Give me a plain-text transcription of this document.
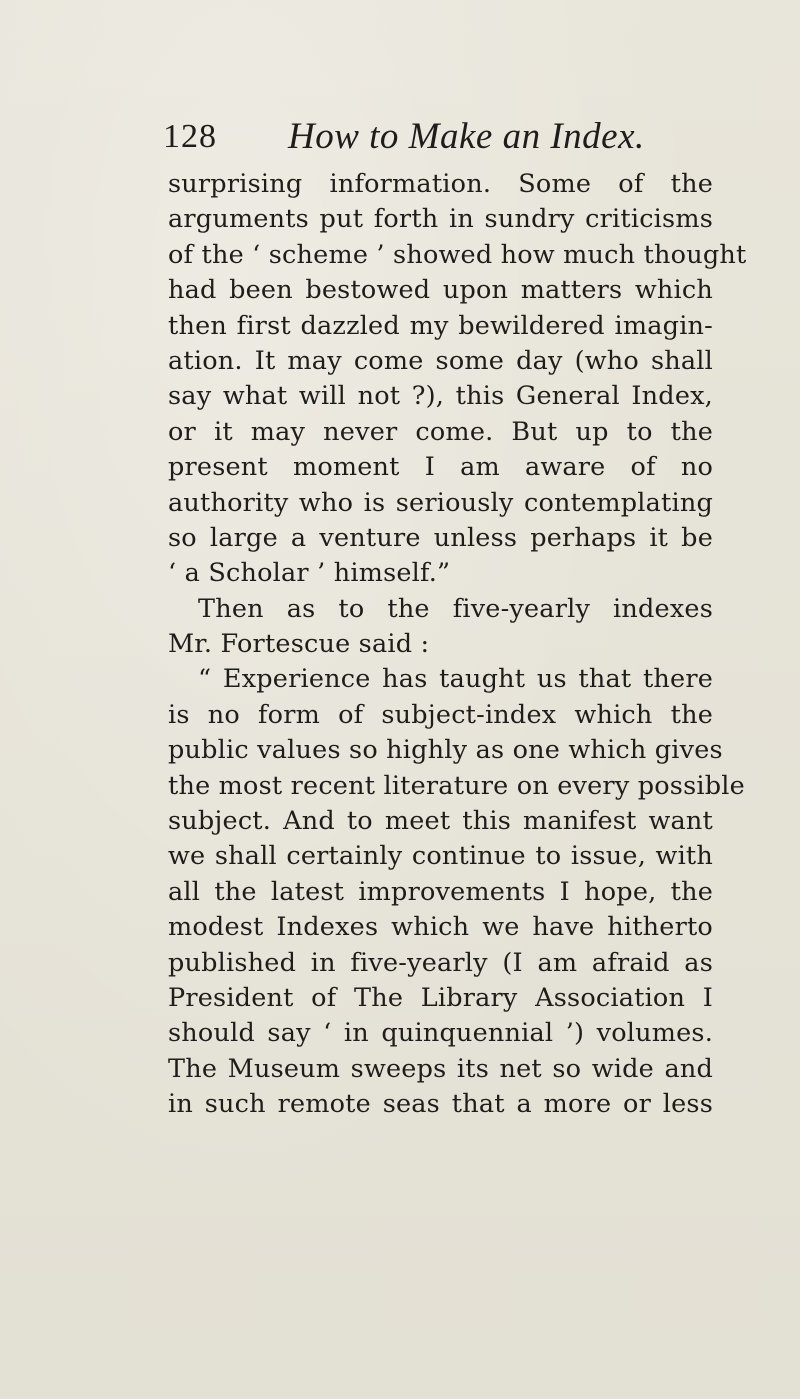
128 How to Make an Index.
surprising information. Some of the
arguments put forth in sundry criticisms
of the ‘ scheme ’ showed how much thought
had been bestowed upon matters which
then first dazzled my bewildered imagin-
ation. It may come some day (who shall
say what will not ?), this General Index,
or it may never come. But up to the
present moment I am aware of no
authority who is seriously contemplating
so large a venture unless perhaps it be
‘ a Scholar ’ himself.”
Then as to the five-yearly indexes
Mr. Fortescue said :
“ Experience has taught us that there
is no form of subject-index which the
public values so highly as one which gives
the most recent literature on every possible
subject. And to meet this manifest want
we shall certainly continue to issue, with
all the latest improvements I hope, the
modest Indexes which we have hitherto
published in five-yearly (I am afraid as
President of The Library Association I
should say ‘ in quinquennial ’) volumes.
The Museum sweeps its net so wide and
in such remote seas that a more or less
